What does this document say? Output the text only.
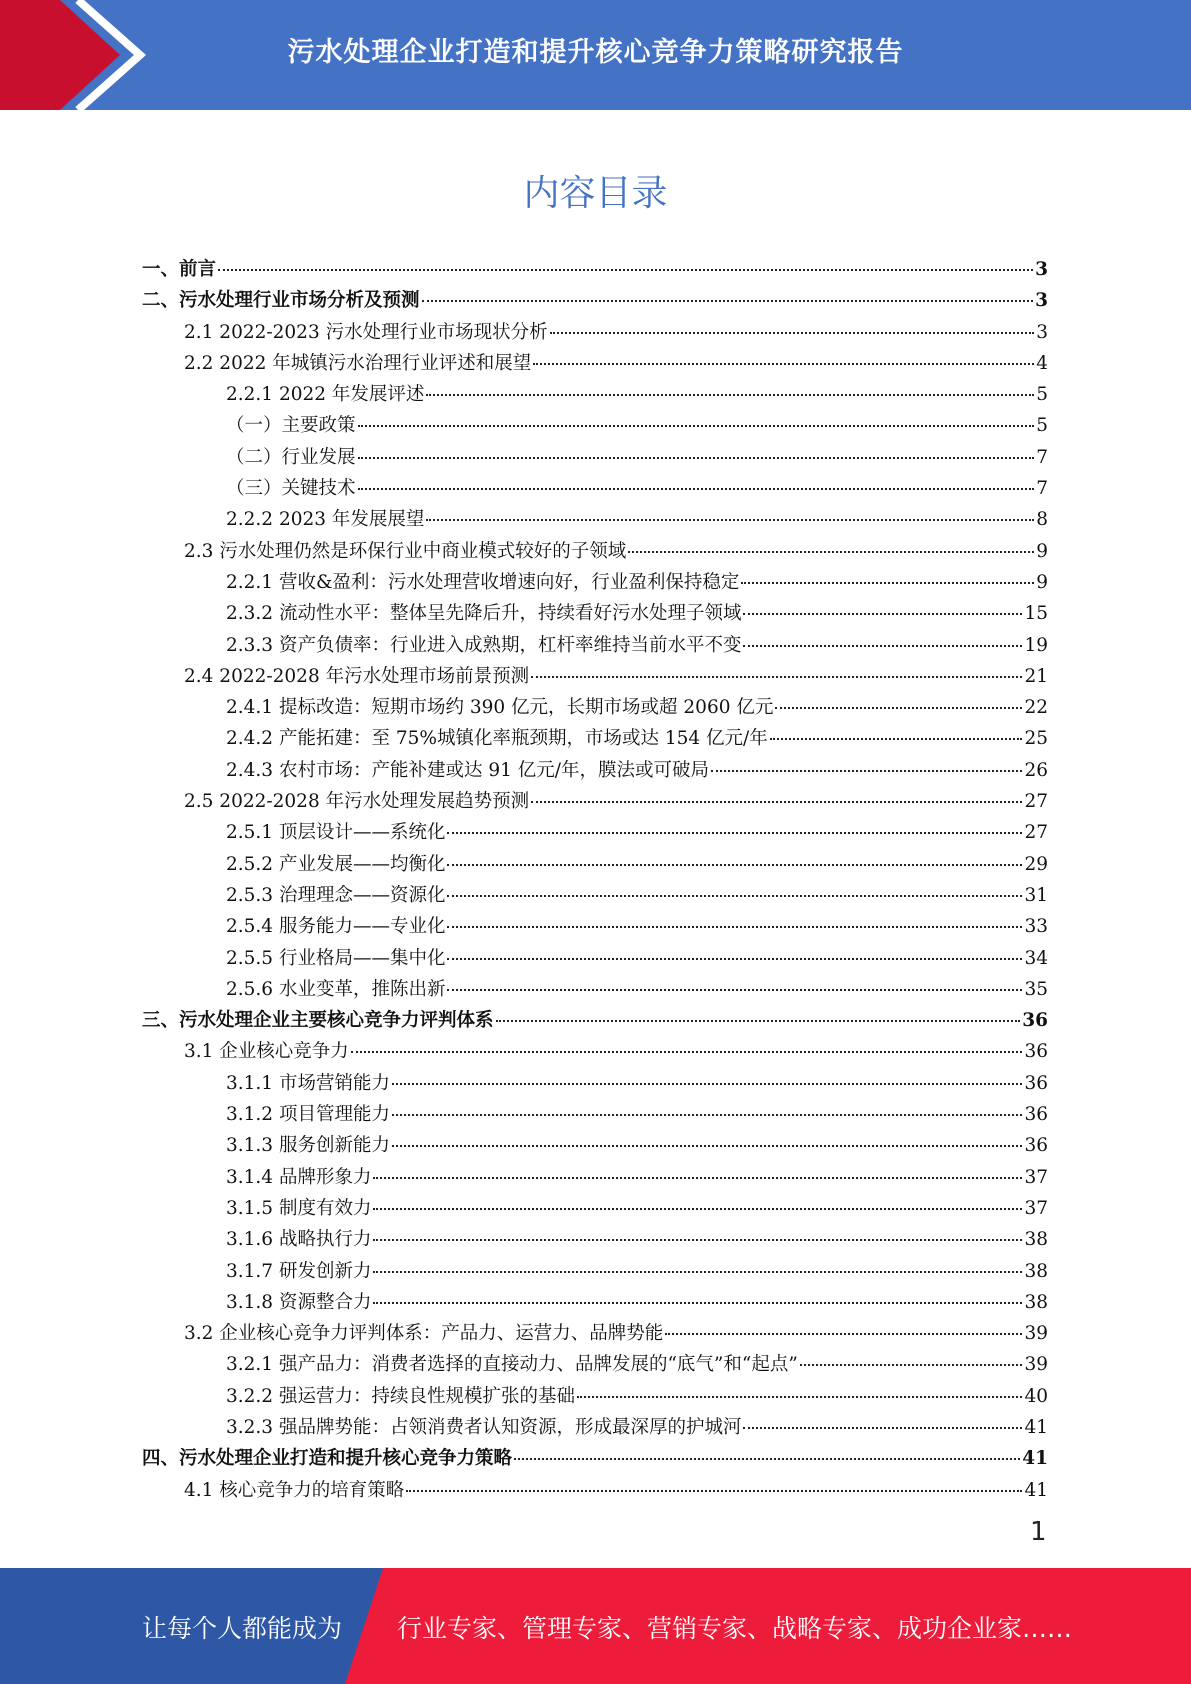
污水处理企业打造和提升核心竞争力策略研究报告
内容目录
一、前言	3
二、污水处理行业市场分析及预测	3
2.1 2022-2023 污水处理行业市场现状分析	3
2.2 2022 年城镇污水治理行业评述和展望	4
2.2.1 2022 年发展评述	5
（一）主要政策	5
（二）行业发展	7
（三）关键技术	7
2.2.2 2023 年发展展望	8
2.3 污水处理仍然是环保行业中商业模式较好的子领域	9
2.2.1 营收&盈利：污水处理营收增速向好，行业盈利保持稳定	9
2.3.2 流动性水平：整体呈先降后升，持续看好污水处理子领域	15
2.3.3 资产负债率：行业进入成熟期，杠杆率维持当前水平不变	19
2.4 2022-2028 年污水处理市场前景预测	21
2.4.1 提标改造：短期市场约 390 亿元，长期市场或超 2060 亿元	22
2.4.2 产能拓建：至 75%城镇化率瓶颈期，市场或达 154 亿元/年	25
2.4.3 农村市场：产能补建或达 91 亿元/年，膜法或可破局	26
2.5 2022-2028 年污水处理发展趋势预测	27
2.5.1 顶层设计——系统化	27
2.5.2 产业发展——均衡化	29
2.5.3 治理理念——资源化	31
2.5.4 服务能力——专业化	33
2.5.5 行业格局——集中化	34
2.5.6 水业变革，推陈出新	35
三、污水处理企业主要核心竞争力评判体系	36
3.1 企业核心竞争力	36
3.1.1 市场营销能力	36
3.1.2 项目管理能力	36
3.1.3 服务创新能力	36
3.1.4 品牌形象力	37
3.1.5 制度有效力	37
3.1.6 战略执行力	38
3.1.7 研发创新力	38
3.1.8 资源整合力	38
3.2 企业核心竞争力评判体系：产品力、运营力、品牌势能	39
3.2.1 强产品力：消费者选择的直接动力、品牌发展的“底气”和“起点”	39
3.2.2 强运营力：持续良性规模扩张的基础	40
3.2.3 强品牌势能：占领消费者认知资源，形成最深厚的护城河	41
四、污水处理企业打造和提升核心竞争力策略	41
4.1 核心竞争力的培育策略	41
1
让每个人都能成为 行业专家、管理专家、营销专家、战略专家、成功企业家……
